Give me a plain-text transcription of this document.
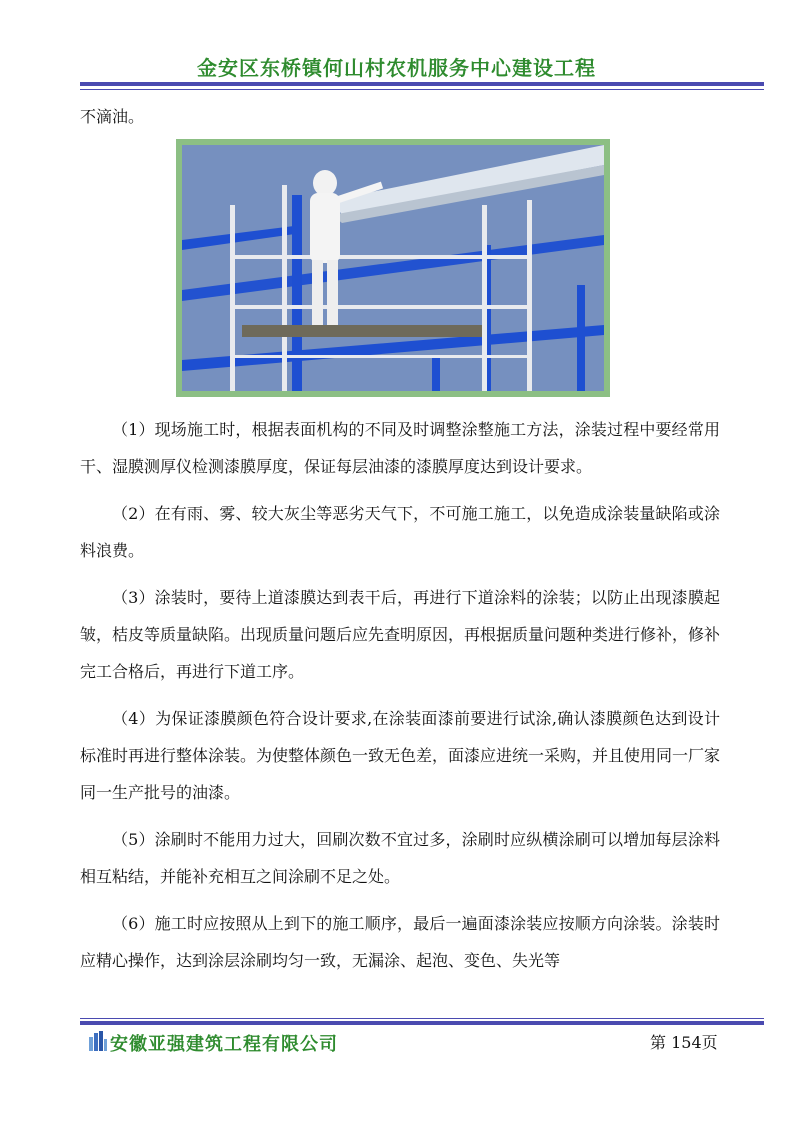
金安区东桥镇何山村农机服务中心建设工程
不滴油。

（1）现场施工时，根据表面机构的不同及时调整涂整施工方法，涂装过程中要经常用干、湿膜测厚仪检测漆膜厚度，保证每层油漆的漆膜厚度达到设计要求。

（2）在有雨、雾、较大灰尘等恶劣天气下，不可施工施工，以免造成涂装量缺陷或涂料浪费。

（3）涂装时，要待上道漆膜达到表干后，再进行下道涂料的涂装；以防止出现漆膜起皱，桔皮等质量缺陷。出现质量问题后应先查明原因，再根据质量问题种类进行修补，修补完工合格后，再进行下道工序。

（4）为保证漆膜颜色符合设计要求,在涂装面漆前要进行试涂,确认漆膜颜色达到设计标准时再进行整体涂装。为使整体颜色一致无色差，面漆应进统一采购，并且使用同一厂家同一生产批号的油漆。

（5）涂刷时不能用力过大，回刷次数不宜过多，涂刷时应纵横涂刷可以增加每层涂料相互粘结，并能补充相互之间涂刷不足之处。

（6）施工时应按照从上到下的施工顺序，最后一遍面漆涂装应按顺方向涂装。涂装时应精心操作，达到涂层涂刷均匀一致，无漏涂、起泡、变色、失光等

安徽亚强建筑工程有限公司	第 154页
